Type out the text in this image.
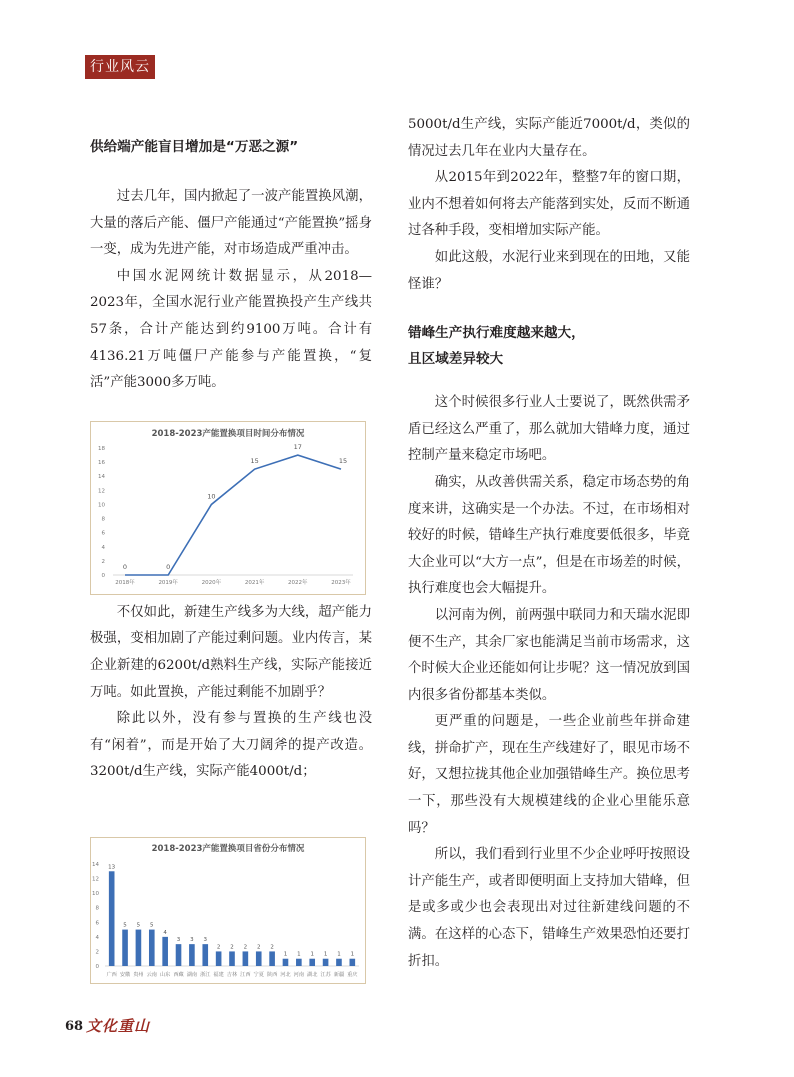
行业风云
供给端产能盲目增加是“万恶之源”

过去几年，国内掀起了一波产能置换风潮，大量的落后产能、僵尸产能通过“产能置换”摇身一变，成为先进产能，对市场造成严重冲击。

中国水泥网统计数据显示，从2018—2023年，全国水泥行业产能置换投产生产线共57条，合计产能达到约9100万吨。合计有4136.21万吨僵尸产能参与产能置换，“复活”产能3000多万吨。

不仅如此，新建生产线多为大线，超产能力极强，变相加剧了产能过剩问题。业内传言，某企业新建的6200t/d熟料生产线，实际产能接近万吨。如此置换，产能过剩能不加剧乎？

除此以外，没有参与置换的生产线也没有“闲着”，而是开始了大刀阔斧的提产改造。3200t/d生产线，实际产能4000t/d；

2018-2023产能置换项目时间分布情况
0
2
4
6
8
10
12
14
16
18
2018年	2019年	2020年	2021年	2022年	2023年
0	0
10
15
17
15
2018-2023产能置换项目省份分布情况
0
2
4
6
8
10
12
14 13
广西
5
安徽
5
贵州
5
云南
4
山东
3
西藏
3
湖南
3
浙江
2
福建
2
吉林
2
江西
2
宁夏
2
陕西
1
河北
1
河南
1
湖北
1
江苏
1
新疆
1
重庆

5000t/d生产线，实际产能近7000t/d，类似的情况过去几年在业内大量存在。

从2015年到2022年，整整7年的窗口期，业内不想着如何将去产能落到实处，反而不断通过各种手段，变相增加实际产能。

如此这般，水泥行业来到现在的田地，又能怪谁？

错峰生产执行难度越来越大，
且区域差异较大

这个时候很多行业人士要说了，既然供需矛盾已经这么严重了，那么就加大错峰力度，通过控制产量来稳定市场吧。

确实，从改善供需关系，稳定市场态势的角度来讲，这确实是一个办法。不过，在市场相对较好的时候，错峰生产执行难度要低很多，毕竟大企业可以“大方一点”，但是在市场差的时候，执行难度也会大幅提升。

以河南为例，前两强中联同力和天瑞水泥即便不生产，其余厂家也能满足当前市场需求，这个时候大企业还能如何让步呢？这一情况放到国内很多省份都基本类似。

更严重的问题是，一些企业前些年拼命建线，拼命扩产，现在生产线建好了，眼见市场不好，又想拉拢其他企业加强错峰生产。换位思考一下，那些没有大规模建线的企业心里能乐意吗？

所以，我们看到行业里不少企业呼吁按照设计产能生产，或者即便明面上支持加大错峰，但是或多或少也会表现出对过往新建线问题的不满。在这样的心态下，错峰生产效果恐怕还要打折扣。

68 文化重山
